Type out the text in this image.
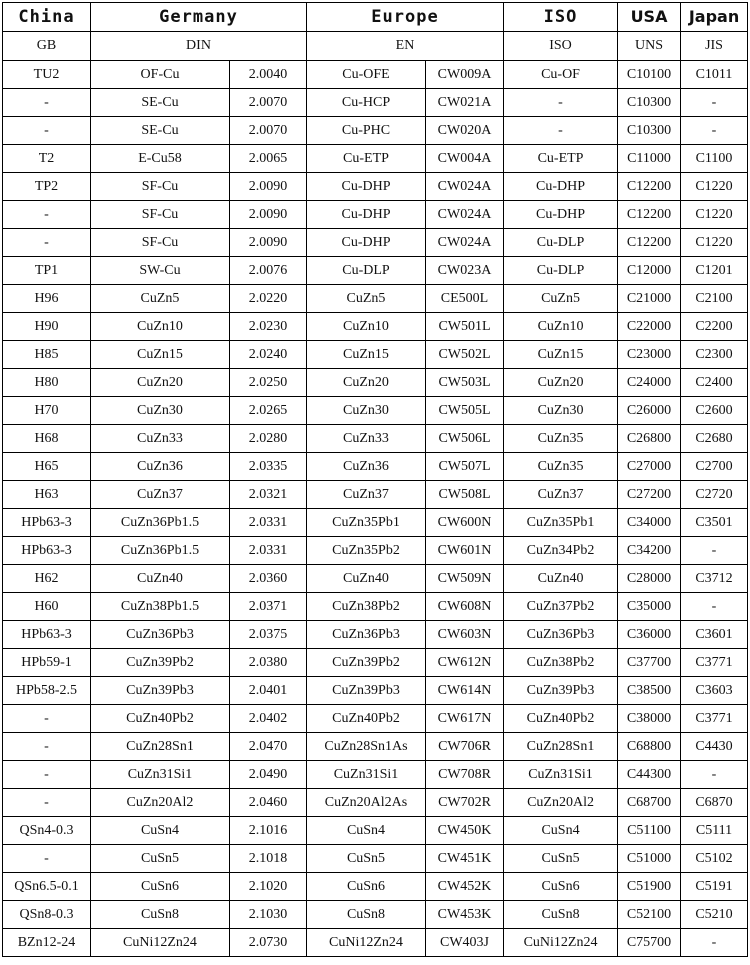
China	Germany		Europe		ISO	USA	Japan
GB	DIN		EN		ISO	UNS	JIS
TU2	OF-Cu	2.0040	Cu-OFE	CW009A	Cu-OF	C10100	C1011
-	SE-Cu	2.0070	Cu-HCP	CW021A	-	C10300	-
-	SE-Cu	2.0070	Cu-PHC	CW020A	-	C10300	-
T2	E-Cu58	2.0065	Cu-ETP	CW004A	Cu-ETP	C11000	C1100
TP2	SF-Cu	2.0090	Cu-DHP	CW024A	Cu-DHP	C12200	C1220
-	SF-Cu	2.0090	Cu-DHP	CW024A	Cu-DHP	C12200	C1220
-	SF-Cu	2.0090	Cu-DHP	CW024A	Cu-DLP	C12200	C1220
TP1	SW-Cu	2.0076	Cu-DLP	CW023A	Cu-DLP	C12000	C1201
H96	CuZn5	2.0220	CuZn5	CE500L	CuZn5	C21000	C2100
H90	CuZn10	2.0230	CuZn10	CW501L	CuZn10	C22000	C2200
H85	CuZn15	2.0240	CuZn15	CW502L	CuZn15	C23000	C2300
H80	CuZn20	2.0250	CuZn20	CW503L	CuZn20	C24000	C2400
H70	CuZn30	2.0265	CuZn30	CW505L	CuZn30	C26000	C2600
H68	CuZn33	2.0280	CuZn33	CW506L	CuZn35	C26800	C2680
H65	CuZn36	2.0335	CuZn36	CW507L	CuZn35	C27000	C2700
H63	CuZn37	2.0321	CuZn37	CW508L	CuZn37	C27200	C2720
HPb63-3	CuZn36Pb1.5	2.0331	CuZn35Pb1	CW600N	CuZn35Pb1	C34000	C3501
HPb63-3	CuZn36Pb1.5	2.0331	CuZn35Pb2	CW601N	CuZn34Pb2	C34200	-
H62	CuZn40	2.0360	CuZn40	CW509N	CuZn40	C28000	C3712
H60	CuZn38Pb1.5	2.0371	CuZn38Pb2	CW608N	CuZn37Pb2	C35000	-
HPb63-3	CuZn36Pb3	2.0375	CuZn36Pb3	CW603N	CuZn36Pb3	C36000	C3601
HPb59-1	CuZn39Pb2	2.0380	CuZn39Pb2	CW612N	CuZn38Pb2	C37700	C3771
HPb58-2.5	CuZn39Pb3	2.0401	CuZn39Pb3	CW614N	CuZn39Pb3	C38500	C3603
-	CuZn40Pb2	2.0402	CuZn40Pb2	CW617N	CuZn40Pb2	C38000	C3771
-	CuZn28Sn1	2.0470	CuZn28Sn1As	CW706R	CuZn28Sn1	C68800	C4430
-	CuZn31Si1	2.0490	CuZn31Si1	CW708R	CuZn31Si1	C44300	-
-	CuZn20Al2	2.0460	CuZn20Al2As	CW702R	CuZn20Al2	C68700	C6870
QSn4-0.3	CuSn4	2.1016	CuSn4	CW450K	CuSn4	C51100	C5111
-	CuSn5	2.1018	CuSn5	CW451K	CuSn5	C51000	C5102
QSn6.5-0.1	CuSn6	2.1020	CuSn6	CW452K	CuSn6	C51900	C5191
QSn8-0.3	CuSn8	2.1030	CuSn8	CW453K	CuSn8	C52100	C5210
BZn12-24	CuNi12Zn24	2.0730	CuNi12Zn24	CW403J	CuNi12Zn24	C75700	-
